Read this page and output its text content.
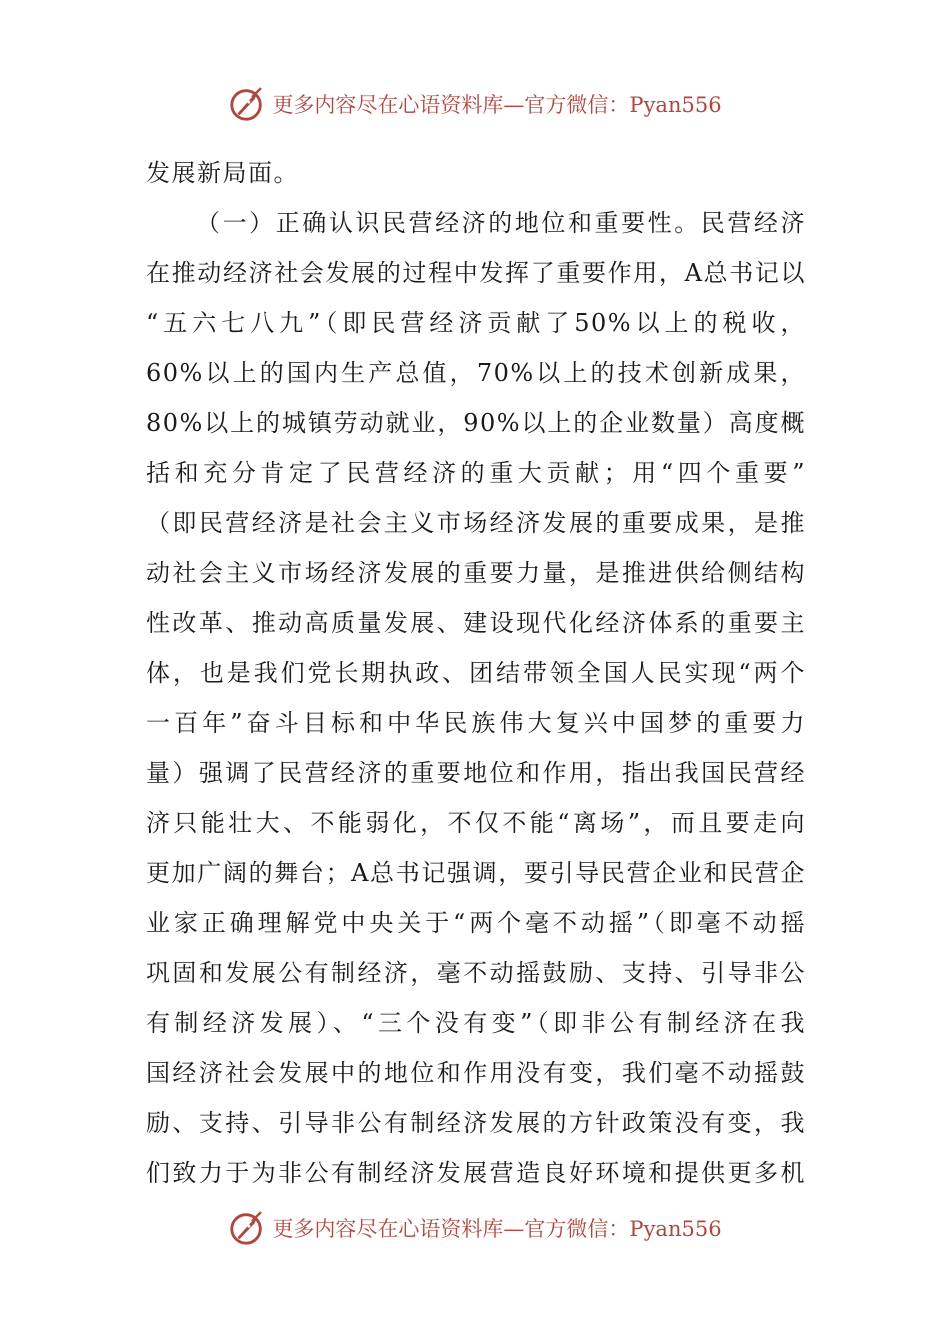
更多内容尽在心语资料库—官方微信：Pyan556
发展新局面。
（一）正确认识民营经济的地位和重要性。民营经济
在推动经济社会发展的过程中发挥了重要作用，A总书记以
“五六七八九”（即民营经济贡献了50%以上的税收，
60%以上的国内生产总值，70%以上的技术创新成果，
80%以上的城镇劳动就业，90%以上的企业数量）高度概
括和充分肯定了民营经济的重大贡献；用“四个重要”
（即民营经济是社会主义市场经济发展的重要成果，是推
动社会主义市场经济发展的重要力量，是推进供给侧结构
性改革、推动高质量发展、建设现代化经济体系的重要主
体，也是我们党长期执政、团结带领全国人民实现“两个
一百年”奋斗目标和中华民族伟大复兴中国梦的重要力
量）强调了民营经济的重要地位和作用，指出我国民营经
济只能壮大、不能弱化，不仅不能“离场”，而且要走向
更加广阔的舞台；A总书记强调，要引导民营企业和民营企
业家正确理解党中央关于“两个毫不动摇”（即毫不动摇
巩固和发展公有制经济，毫不动摇鼓励、支持、引导非公
有制经济发展）、“三个没有变”（即非公有制经济在我
国经济社会发展中的地位和作用没有变，我们毫不动摇鼓
励、支持、引导非公有制经济发展的方针政策没有变，我
们致力于为非公有制经济发展营造良好环境和提供更多机
更多内容尽在心语资料库—官方微信：Pyan556
